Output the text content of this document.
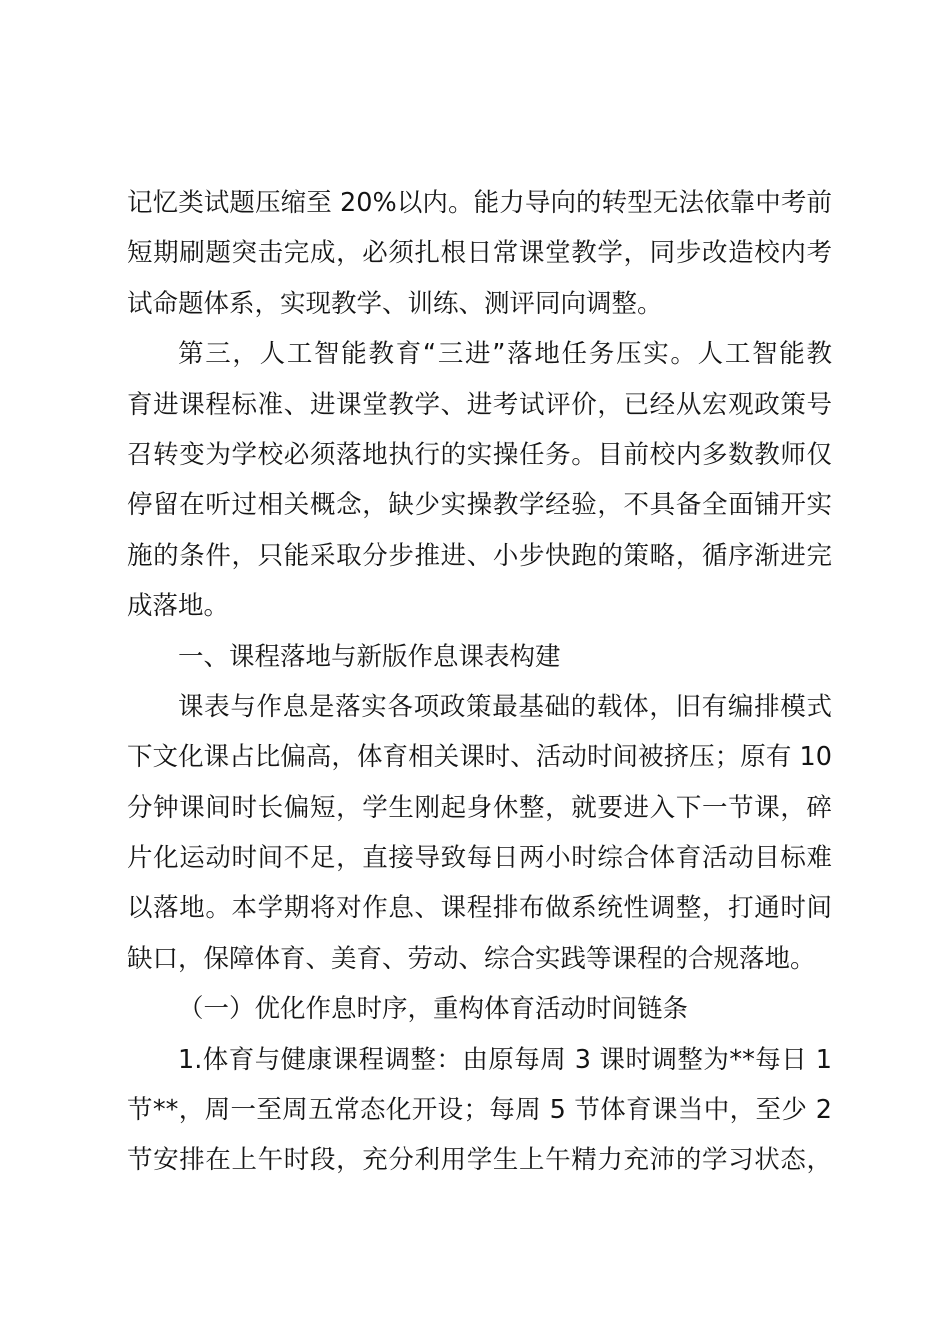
记忆类试题压缩至 20%以内。能力导向的转型无法依靠中考前
短期刷题突击完成，必须扎根日常课堂教学，同步改造校内考
试命题体系，实现教学、训练、测评同向调整。
第三，人工智能教育“三进”落地任务压实。人工智能教
育进课程标准、进课堂教学、进考试评价，已经从宏观政策号
召转变为学校必须落地执行的实操任务。目前校内多数教师仅
停留在听过相关概念，缺少实操教学经验，不具备全面铺开实
施的条件，只能采取分步推进、小步快跑的策略，循序渐进完
成落地。
一、课程落地与新版作息课表构建
课表与作息是落实各项政策最基础的载体，旧有编排模式
下文化课占比偏高，体育相关课时、活动时间被挤压；原有 10
分钟课间时长偏短，学生刚起身休整，就要进入下一节课，碎
片化运动时间不足，直接导致每日两小时综合体育活动目标难
以落地。本学期将对作息、课程排布做系统性调整，打通时间
缺口，保障体育、美育、劳动、综合实践等课程的合规落地。
（一）优化作息时序，重构体育活动时间链条
1.体育与健康课程调整：由原每周 3 课时调整为**每日 1
节**，周一至周五常态化开设；每周 5 节体育课当中，至少 2
节安排在上午时段，充分利用学生上午精力充沛的学习状态，
